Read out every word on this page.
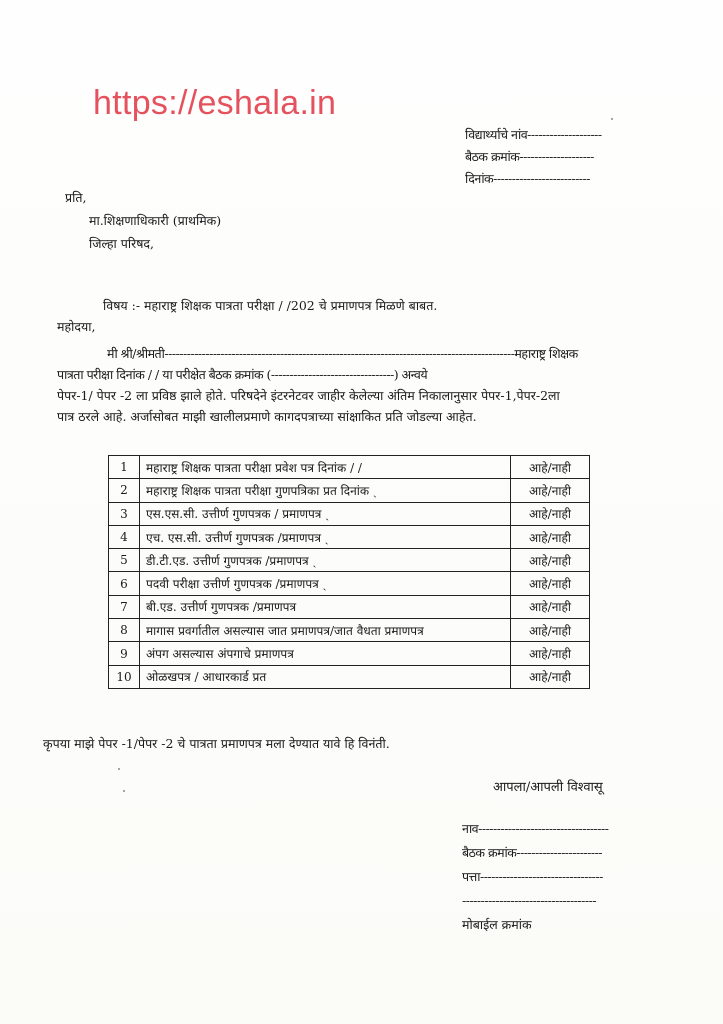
https://eshala.in
विद्यार्थ्याचे नांव--------------------
बैठक क्रमांक--------------------
दिनांक--------------------------
प्रति,
मा.शिक्षणाधिकारी (प्राथमिक)
जिल्हा परिषद,
विषय :- महाराष्ट्र शिक्षक पात्रता परीक्षा / /202 चे प्रमाणपत्र मिळणे बाबत.
महोदया,
मी श्री/श्रीमती----------------------------------------------------------------------------------------------महाराष्ट्र शिक्षक
पात्रता परीक्षा दिनांक / / या परीक्षेत बैठक क्रमांक (---------------------------------) अन्वये
पेपर-1/ पेपर -2 ला प्रविष्ठ झाले होते. परिषदेने इंटरनेटवर जाहीर केलेल्या अंतिम निकालानुसार पेपर-1,पेपर-2ला
पात्र ठरले आहे. अर्जासोबत माझी खालीलप्रमाणे कागदपत्राच्या सांक्षाकित प्रति जोडल्या आहेत.
1	महाराष्ट्र शिक्षक पात्रता परीक्षा प्रवेश पत्र दिनांक / /	आहे/नाही
2	महाराष्ट्र शिक्षक पात्रता परीक्षा गुणपत्रिका प्रत दिनांक ˎ	आहे/नाही
3	एस.एस.सी. उत्तीर्ण गुणपत्रक / प्रमाणपत्र ˎ	आहे/नाही
4	एच. एस.सी. उत्तीर्ण गुणपत्रक /प्रमाणपत्र ˎ	आहे/नाही
5	डी.टी.एड. उत्तीर्ण गुणपत्रक /प्रमाणपत्र ˎ	आहे/नाही
6	पदवी परीक्षा उत्तीर्ण गुणपत्रक /प्रमाणपत्र ˎ	आहे/नाही
7	बी.एड. उत्तीर्ण गुणपत्रक /प्रमाणपत्र	आहे/नाही
8	मागास प्रवर्गातील असल्यास जात प्रमाणपत्र/जात वैधता प्रमाणपत्र	आहे/नाही
9	अंपग असल्यास अंपगाचे प्रमाणपत्र	आहे/नाही
10	ओळखपत्र / आधारकार्ड प्रत	आहे/नाही
कृपया माझे पेपर -1/पेपर -2 चे पात्रता प्रमाणपत्र मला देण्यात यावे हि विनंती.
आपला/आपली विश्वासू
नाव-----------------------------------
बैठक क्रमांक-----------------------
पत्ता---------------------------------
------------------------------------
मोबाईल क्रमांक
